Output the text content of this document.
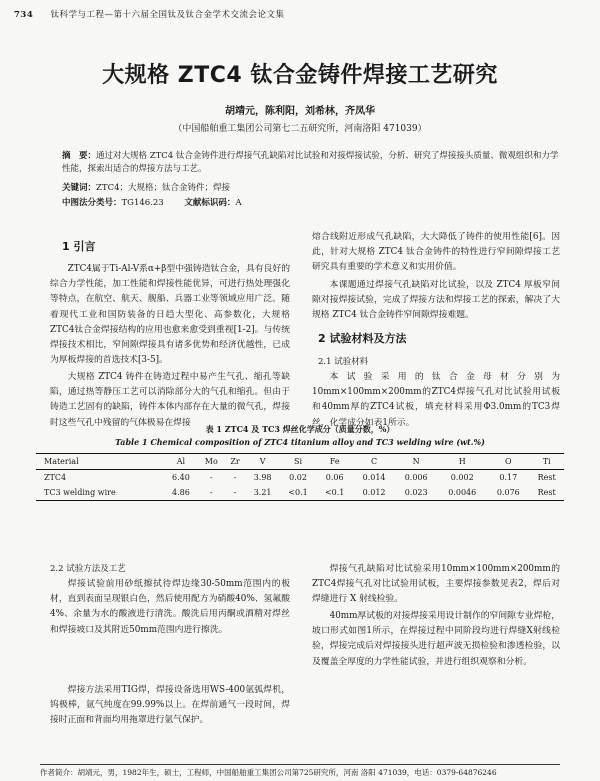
734 钛科学与工程—第十六届全国钛及钛合金学术交流会论文集
大规格 ZTC4 钛合金铸件焊接工艺研究
胡靖元，陈利阳，刘希林，齐凤华
（中国船舶重工集团公司第七二五研究所，河南洛阳 471039）
摘　要：通过对大规格 ZTC4 钛合金铸件进行焊接气孔缺陷对比试验和对接焊接试验，分析、研究了焊接接头质量、微观组织和力学性能，探索出适合的焊接方法与工艺。
关键词：ZTC4；大规格；钛合金铸件；焊接
中图法分类号：TG146.23 文献标识码：A
1 引言
ZTC4属于Ti-Al-V系α+β型中强铸造钛合金，具有良好的综合力学性能，加工性能和焊接性能优异，可进行热处理强化等特点，在航空、航天、舰船、兵器工业等领域应用广泛。随着现代工业和国防装备的日趋大型化、高参数化，大规格ZTC4钛合金焊接结构的应用也愈来愈受到重视[1-2]。与传统焊接技术相比，窄间隙焊接具有诸多优势和经济优越性，已成为厚板焊接的首选技术[3-5]。
大规格 ZTC4 铸件在铸造过程中易产生气孔、缩孔等缺陷，通过热等静压工艺可以消除部分大的气孔和缩孔。但由于铸造工艺固有的缺陷，铸件本体内部存在大量的微气孔，焊接时这些气孔中残留的气体极易在焊接
熔合线附近形成气孔缺陷，大大降低了铸件的使用性能[6]。因此，针对大规格 ZTC4 钛合金铸件的特性进行窄间隙焊接工艺研究具有重要的学术意义和实用价值。
本课题通过焊接气孔缺陷对比试验，以及 ZTC4 厚板窄间隙对接焊接试验，完成了焊接方法和焊接工艺的探索，解决了大规格 ZTC4 钛合金铸件窄间隙焊接难题。
2 试验材料及方法
2.1 试验材料
本试验采用的钛合金母材分别为10mm×100mm×200mm的ZTC4焊接气孔对比试验用试板和40mm厚的ZTC4试板，填充材料采用Φ3.0mm的TC3焊丝，化学成分如表1所示。
表 1 ZTC4 及 TC3 焊丝化学成分（质量分数，%）
Table 1 Chemical composition of ZTC4 titanium alloy and TC3 welding wire (wt.%)
Material	Al	Mo	Zr	V	Si	Fe	C	N	H	O	Ti
ZTC4	6.40	-	-	3.98	0.02	0.06	0.014	0.006	0.002	0.17	Rest
TC3 welding wire	4.86	-	-	3.21	<0.1	<0.1	0.012	0.023	0.0046	0.076	Rest
2.2 试验方法及工艺
焊接试验前用砂纸擦拭待焊边缘30-50mm范围内的板材，直到表面呈现银白色，然后使用配方为硝酸40%、氢氟酸4%、余量为水的酸液进行清洗。酸洗后用丙酮或酒精对焊丝和焊接坡口及其附近50mm范围内进行擦洗。
焊接方法采用TIG焊，焊接设备选用WS-400氩弧焊机，钨极棒，氩气纯度在99.99%以上。在焊前通气一段时间，焊接时正面和背面均用拖罩进行氩气保护。
焊接气孔缺陷对比试验采用10mm×100mm×200mm的ZTC4焊接气孔对比试验用试板，主要焊接参数见表2，焊后对焊缝进行 X 射线检验。
40mm厚试板的对接焊接采用设计制作的窄间隙专业焊枪，坡口形式如图1所示，在焊接过程中同阶段均进行焊缝X射线检验，焊接完成后对焊接接头进行超声波无损检验和渗透检验，以及覆盖全厚度的力学性能试验，并进行组织观察和分析。
作者简介：胡靖元，男，1982年生，硕士，工程师，中国船舶重工集团公司第725研究所，河南 洛阳 471039，电话：0379-64876246
